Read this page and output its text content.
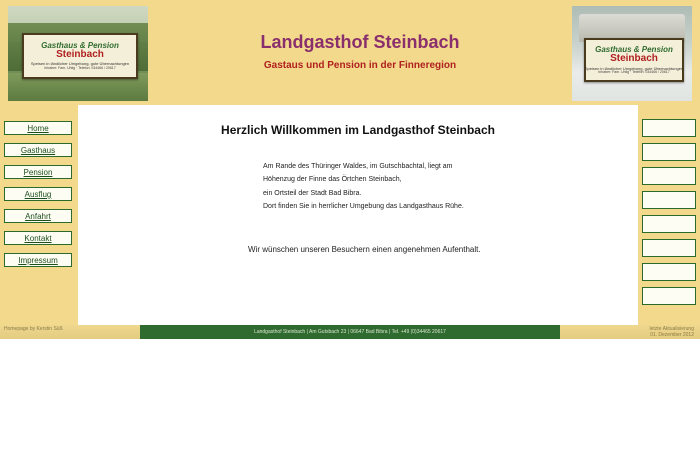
Gasthaus & Pension
Steinbach
Speisen in ländlicher Umgebung, gute Übernachtungen
Inhaber: Fam. Uhlig · Telefon: 034466 / 20617
Landgasthof Steinbach
Gastaus und Pension in der Finneregion
Gasthaus & Pension
Steinbach
Speisen in ländlicher Umgebung, gute Übernachtungen
Inhaber: Fam. Uhlig · Telefon: 034466 / 20617
Home
Gasthaus
Pension
Ausflug
Anfahrt
Kontakt
Impressum
Herzlich Willkommen im Landgasthof Steinbach
Am Rande des Thüringer Waldes, im Gutschbachtal, liegt am
Höhenzug der Finne das Örtchen Steinbach,
ein Ortsteil der Stadt Bad Bibra.
Dort finden Sie in herrlicher Umgebung das Landgasthaus Rühe.
Wir wünschen unseren Besuchern einen angenehmen Aufenthalt.
Homepage by Kerstin Süß	Landgasthof Steinbach | Am Gutsbach 23 | 06647 Bad Bibra | Tel. +49 (0)34465 20617	letzte Aktualisierung
01. Dezember 2012
